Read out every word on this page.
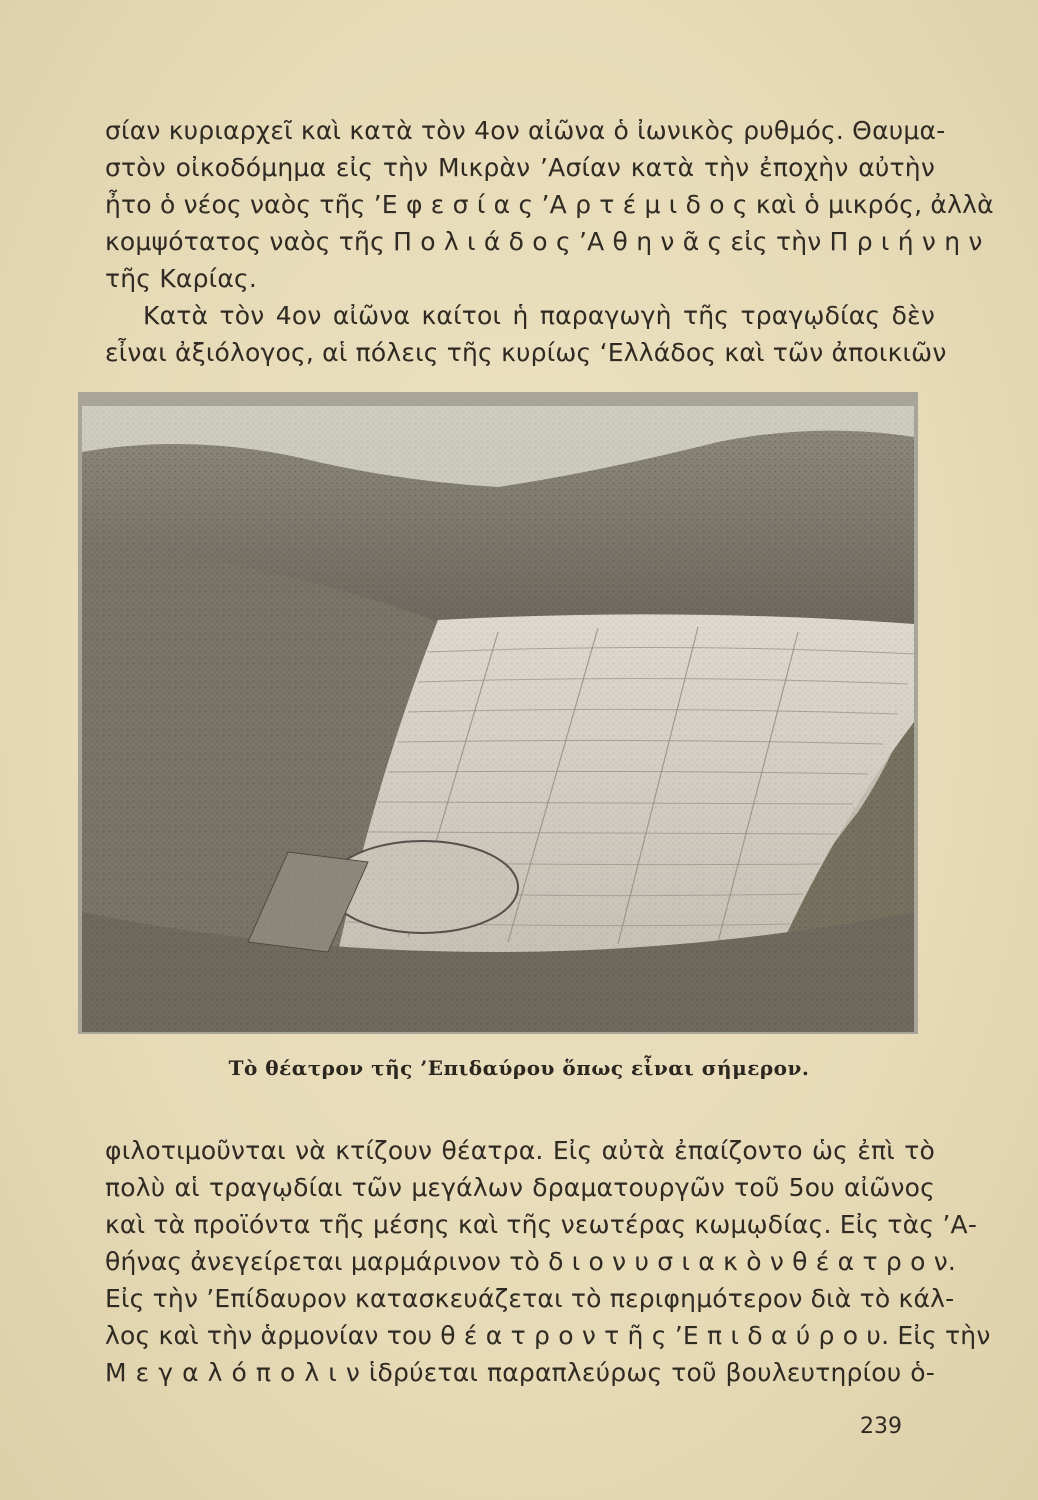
σίαν κυριαρχεῖ καὶ κατὰ τὸν 4ον αἰῶνα ὁ ἰωνικὸς ρυθμός. Θαυμα-
στὸν οἰκοδόμημα εἰς τὴν Μικρὰν ’Ασίαν κατὰ τὴν ἐποχὴν αὐτὴν
ἦτο ὁ νέος ναὸς τῆς ’Ε φ ε σ ί α ς ’Α ρ τ έ μ ι δ ο ς καὶ ὁ μικρός, ἀλλὰ
κομψότατος ναὸς τῆς Π ο λ ι ά δ ο ς ’Α θ η ν ᾶ ς εἰς τὴν Π ρ ι ή ν η ν
τῆς Καρίας.
Κατὰ τὸν 4ον αἰῶνα καίτοι ἡ παραγωγὴ τῆς τραγῳδίας δὲν
εἶναι ἀξιόλογος, αἱ πόλεις τῆς κυρίως ‘Ελλάδος καὶ τῶν ἀποικιῶν
Τὸ θέατρον τῆς ’Επιδαύρου ὅπως εἶναι σήμερον.
φιλοτιμοῦνται νὰ κτίζουν θέατρα. Εἰς αὐτὰ ἐπαίζοντο ὡς ἐπὶ τὸ
πολὺ αἱ τραγῳδίαι τῶν μεγάλων δραματουργῶν τοῦ 5ου αἰῶνος
καὶ τὰ προϊόντα τῆς μέσης καὶ τῆς νεωτέρας κωμῳδίας. Εἰς τὰς ’Α-
θήνας ἀνεγείρεται μαρμάρινον τὸ δ ι ο ν υ σ ι α κ ὸ ν θ έ α τ ρ ο ν.
Εἰς τὴν ’Επίδαυρον κατασκευάζεται τὸ περιφημότερον διὰ τὸ κάλ-
λος καὶ τὴν ἁρμονίαν του θ έ α τ ρ ο ν τ ῆ ς ’Ε π ι δ α ύ ρ ο υ. Εἰς τὴν
Μ ε γ α λ ό π ο λ ι ν ἱδρύεται παραπλεύρως τοῦ βουλευτηρίου ὁ-
239
